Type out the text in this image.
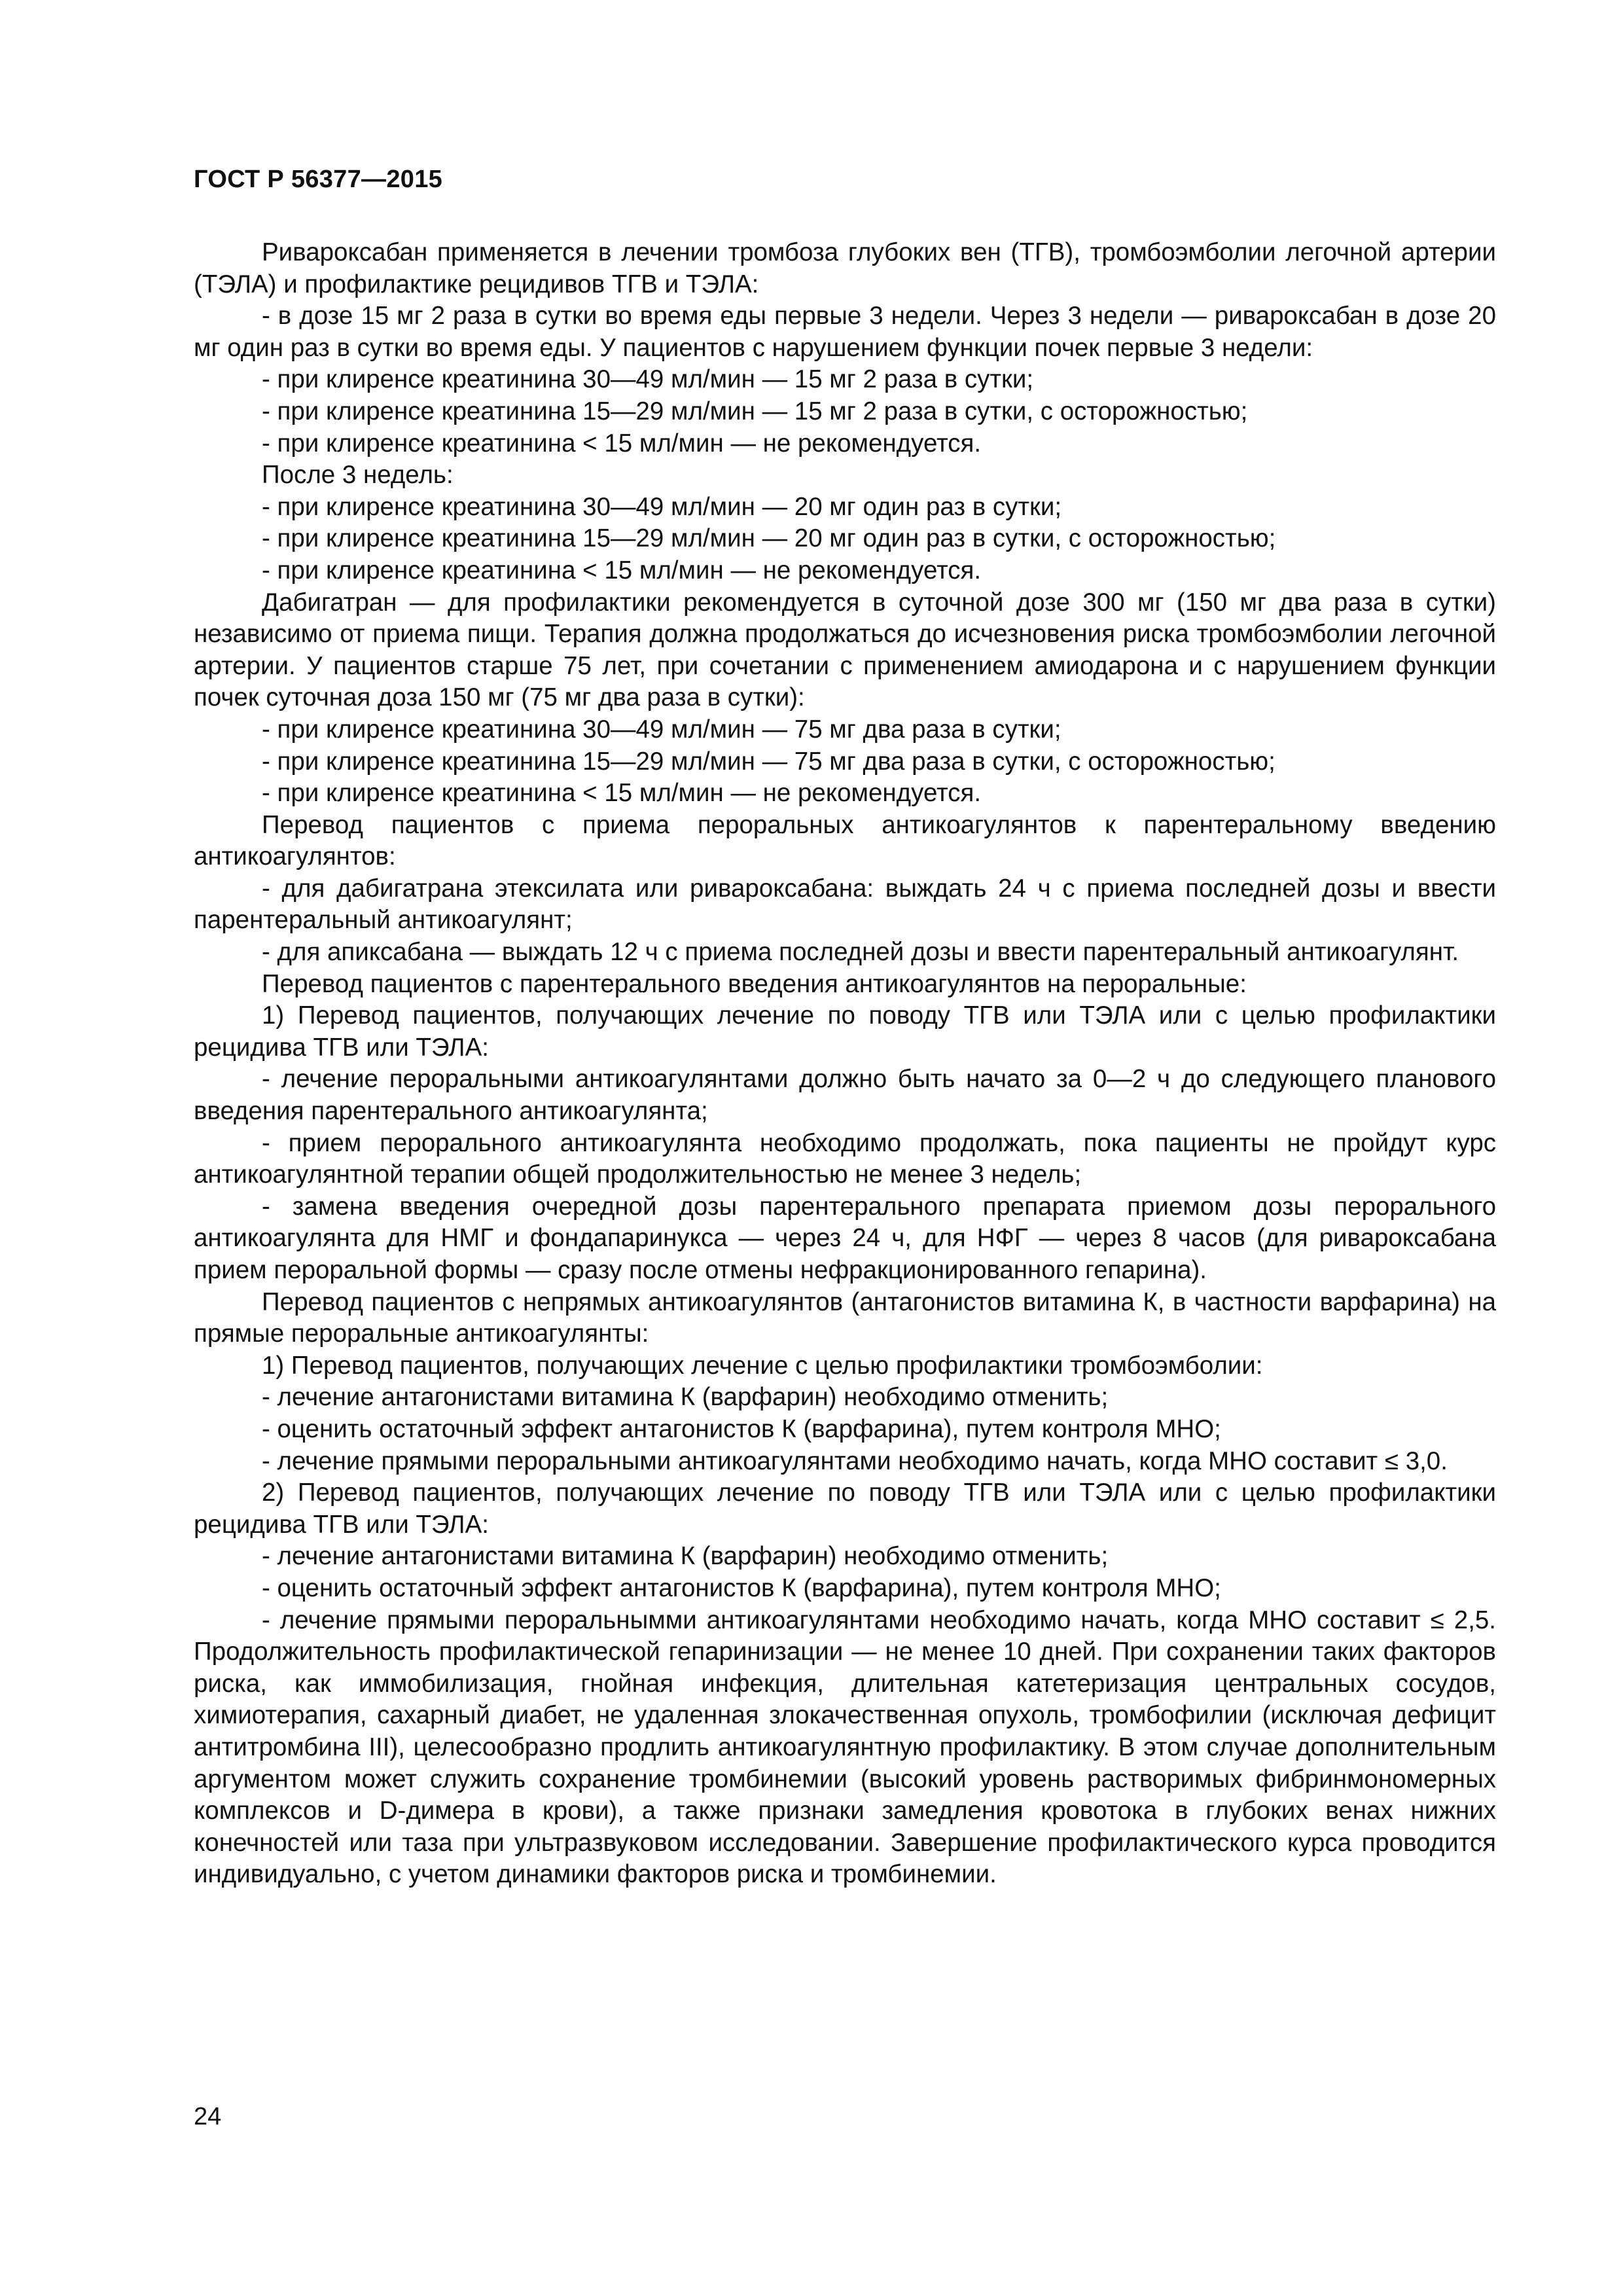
ГОСТ Р 56377—2015

Ривароксабан применяется в лечении тромбоза глубоких вен (ТГВ), тромбоэмболии легочной артерии (ТЭЛА) и профилактике рецидивов ТГВ и ТЭЛА:

- в дозе 15 мг 2 раза в сутки во время еды первые 3 недели. Через 3 недели — ривароксабан в дозе 20 мг один раз в сутки во время еды. У пациентов с нарушением функции почек первые 3 недели:

- при клиренсе креатинина 30—49 мл/мин — 15 мг 2 раза в сутки;

- при клиренсе креатинина 15—29 мл/мин — 15 мг 2 раза в сутки, с осторожностью;

- при клиренсе креатинина < 15 мл/мин — не рекомендуется.

После 3 недель:

- при клиренсе креатинина 30—49 мл/мин — 20 мг один раз в сутки;

- при клиренсе креатинина 15—29 мл/мин — 20 мг один раз в сутки, с осторожностью;

- при клиренсе креатинина < 15 мл/мин — не рекомендуется.

Дабигатран — для профилактики рекомендуется в суточной дозе 300 мг (150 мг два раза в сутки) независимо от приема пищи. Терапия должна продолжаться до исчезновения риска тромбоэмболии легочной артерии. У пациентов старше 75 лет, при сочетании с применением амиодарона и с нарушением функции почек суточная доза 150 мг (75 мг два раза в сутки):

- при клиренсе креатинина 30—49 мл/мин — 75 мг два раза в сутки;

- при клиренсе креатинина 15—29 мл/мин — 75 мг два раза в сутки, с осторожностью;

- при клиренсе креатинина < 15 мл/мин — не рекомендуется.

Перевод пациентов с приема пероральных антикоагулянтов к парентеральному введению антикоагулянтов:

- для дабигатрана этексилата или ривароксабана: выждать 24 ч с приема последней дозы и ввести парентеральный антикоагулянт;

- для апиксабана — выждать 12 ч с приема последней дозы и ввести парентеральный антикоагулянт.

Перевод пациентов с парентерального введения антикоагулянтов на пероральные:

1) Перевод пациентов, получающих лечение по поводу ТГВ или ТЭЛА или с целью профилактики рецидива ТГВ или ТЭЛА:

- лечение пероральными антикоагулянтами должно быть начато за 0—2 ч до следующего планового введения парентерального антикоагулянта;

- прием перорального антикоагулянта необходимо продолжать, пока пациенты не пройдут курс антикоагулянтной терапии общей продолжительностью не менее 3 недель;

- замена введения очередной дозы парентерального препарата приемом дозы перорального антикоагулянта для НМГ и фондапаринукса — через 24 ч, для НФГ — через 8 часов (для ривароксабана прием пероральной формы — сразу после отмены нефракционированного гепарина).

Перевод пациентов с непрямых антикоагулянтов (антагонистов витамина К, в частности варфарина) на прямые пероральные антикоагулянты:

1) Перевод пациентов, получающих лечение с целью профилактики тромбоэмболии:

- лечение антагонистами витамина К (варфарин) необходимо отменить;

- оценить остаточный эффект антагонистов К (варфарина), путем контроля МНО;

- лечение прямыми пероральными антикоагулянтами необходимо начать, когда МНО составит ≤ 3,0.

2) Перевод пациентов, получающих лечение по поводу ТГВ или ТЭЛА или с целью профилактики рецидива ТГВ или ТЭЛА:

- лечение антагонистами витамина К (варфарин) необходимо отменить;

- оценить остаточный эффект антагонистов К (варфарина), путем контроля МНО;

- лечение прямыми пероральнымми антикоагулянтами необходимо начать, когда МНО составит ≤ 2,5. Продолжительность профилактической гепаринизации — не менее 10 дней. При сохранении таких факторов риска, как иммобилизация, гнойная инфекция, длительная катетеризация центральных сосудов, химиотерапия, сахарный диабет, не удаленная злокачественная опухоль, тромбофилии (исключая дефицит антитромбина III), целесообразно продлить антикоагулянтную профилактику. В этом случае дополнительным аргументом может служить сохранение тромбинемии (высокий уровень растворимых фибринмономерных комплексов и D-димера в крови), а также признаки замедления кровотока в глубоких венах нижних конечностей или таза при ультразвуковом исследовании. Завершение профилактического курса проводится индивидуально, с учетом динамики факторов риска и тромбинемии.

24
